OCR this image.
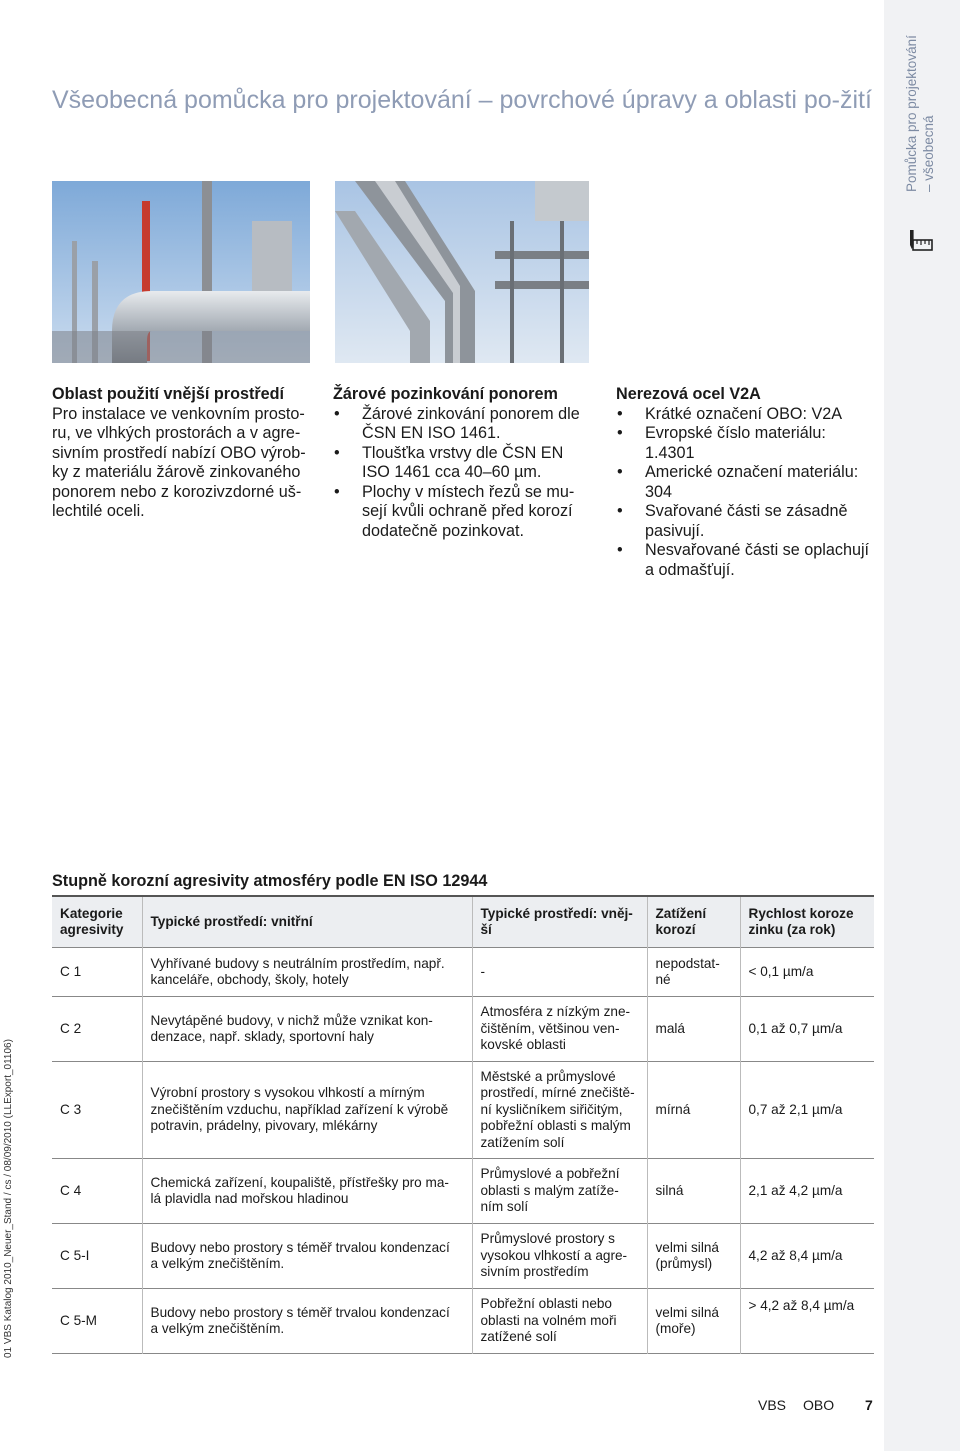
Pomůcka pro projektování – všeobecná
01 VBS Katalog 2010_Neuer_Stand / cs / 08/09/2010 (LLExport_01106)
Všeobecná pomůcka pro projektování – povrchové úpravy a oblasti po-žití
Oblast použití vnější prostředí

Pro instalace ve venkovním prosto-
ru, ve vlhkých prostorách a v agre-
sivním prostředí nabízí OBO výrob-
ky z materiálu žárově zinkovaného
ponorem nebo z korozivzdorné uš-
lechtilé oceli.

Žárové pozinkování ponorem
• Žárové zinkování ponorem dle
ČSN EN ISO 1461.
• Tloušťka vrstvy dle ČSN EN
ISO 1461 cca 40–60 µm.
• Plochy v místech řezů se mu-
sejí kvůli ochraně před korozí
dodatečně pozinkovat.
Nerezová ocel V2A
• Krátké označení OBO: V2A
• Evropské číslo materiálu:
1.4301
• Americké označení materiálu:
304
• Svařované části se zásadně
pasivují.
• Nesvařované části se oplachují
a odmašťují.
Stupně korozní agresivity atmosféry podle EN ISO 12944
Kategorie
agresivity	Typické prostředí: vnitřní	Typické prostředí: vněj-
ší	Zatížení
korozí	Rychlost koroze
zinku (za rok)
C 1	Vyhřívané budovy s neutrálním prostředím, např.
kanceláře, obchody, školy, hotely	-	nepodstat-
né	< 0,1 µm/a
C 2	Nevytápěné budovy, v nichž může vznikat kon-
denzace, např. sklady, sportovní haly	Atmosféra z nízkým zne-
čištěním, většinou ven-
kovské oblasti	malá	0,1 až 0,7 µm/a
C 3	Výrobní prostory s vysokou vlhkostí a mírným
znečištěním vzduchu, například zařízení k výrobě
potravin, prádelny, pivovary, mlékárny	Městské a průmyslové
prostředí, mírné znečiště-
ní kysličníkem siřičitým,
pobřežní oblasti s malým
zatížením solí	mírná	0,7 až 2,1 µm/a
C 4	Chemická zařízení, koupaliště, přístřešky pro ma-
lá plavidla nad mořskou hladinou	Průmyslové a pobřežní
oblasti s malým zatíže-
ním solí	silná	2,1 až 4,2 µm/a
C 5-I	Budovy nebo prostory s téměř trvalou kondenzací
a velkým znečištěním.	Průmyslové prostory s
vysokou vlhkostí a agre-
sivním prostředím	velmi silná
(průmysl)	4,2 až 8,4 µm/a
C 5-M	Budovy nebo prostory s téměř trvalou kondenzací
a velkým znečištěním.	Pobřežní oblasti nebo
oblasti na volném moři
zatížené solí	velmi silná
(moře)	> 4,2 až 8,4 µm/a
VBS OBO 7
